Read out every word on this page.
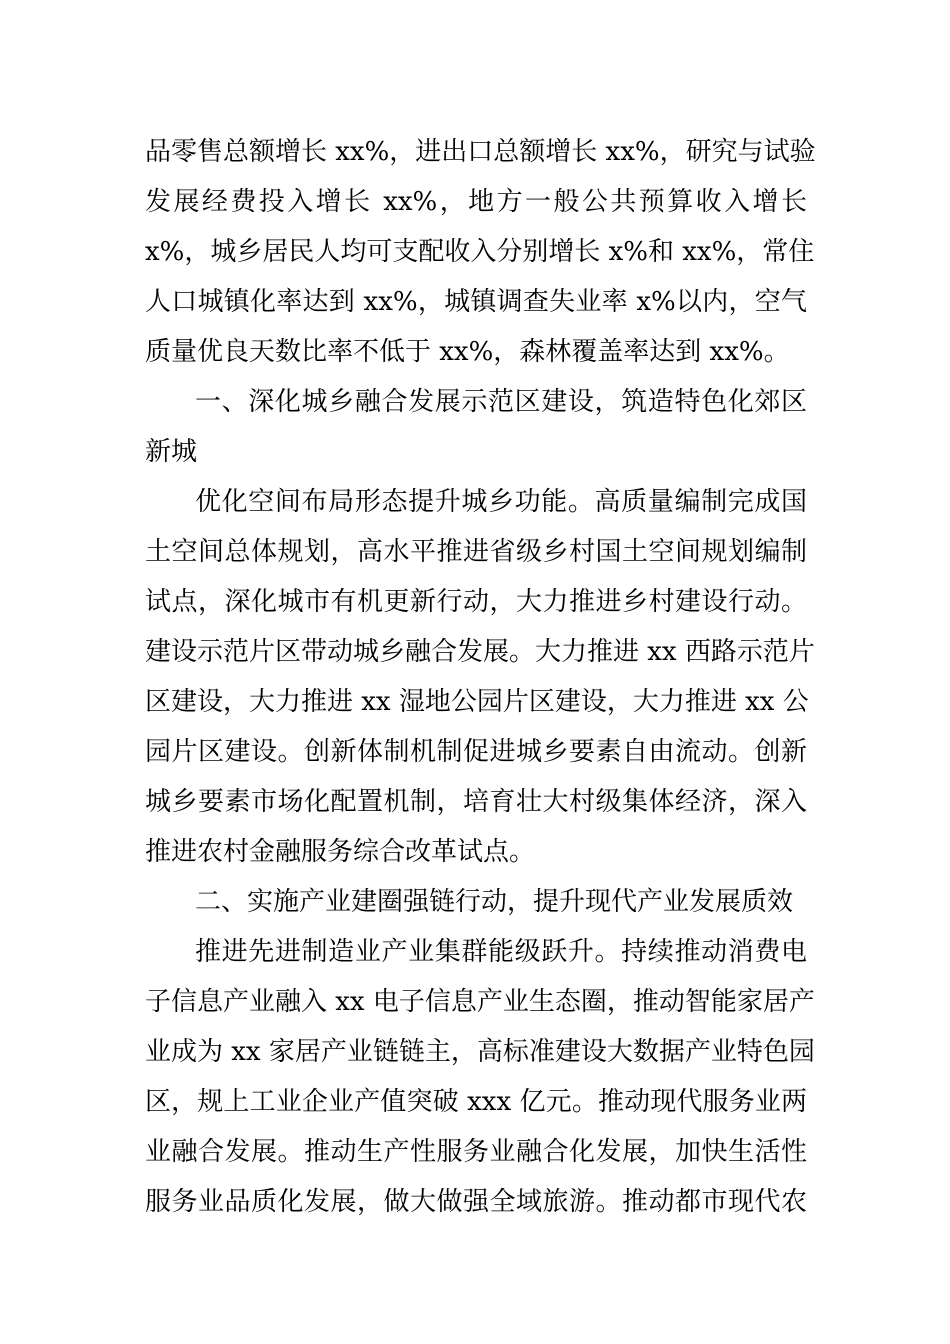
品零售总额增长 xx%，进出口总额增长 xx%，研究与试验
发展经费投入增长 xx%，地方一般公共预算收入增长
x%，城乡居民人均可支配收入分别增长 x%和 xx%，常住
人口城镇化率达到 xx%，城镇调查失业率 x%以内，空气
质量优良天数比率不低于 xx%，森林覆盖率达到 xx%。
一、深化城乡融合发展示范区建设，筑造特色化郊区
新城
优化空间布局形态提升城乡功能。高质量编制完成国
土空间总体规划，高水平推进省级乡村国土空间规划编制
试点，深化城市有机更新行动，大力推进乡村建设行动。
建设示范片区带动城乡融合发展。大力推进 xx 西路示范片
区建设，大力推进 xx 湿地公园片区建设，大力推进 xx 公
园片区建设。创新体制机制促进城乡要素自由流动。创新
城乡要素市场化配置机制，培育壮大村级集体经济，深入
推进农村金融服务综合改革试点。
二、实施产业建圈强链行动，提升现代产业发展质效
推进先进制造业产业集群能级跃升。持续推动消费电
子信息产业融入 xx 电子信息产业生态圈，推动智能家居产
业成为 xx 家居产业链链主，高标准建设大数据产业特色园
区，规上工业企业产值突破 xxx 亿元。推动现代服务业两
业融合发展。推动生产性服务业融合化发展，加快生活性
服务业品质化发展，做大做强全域旅游。推动都市现代农
